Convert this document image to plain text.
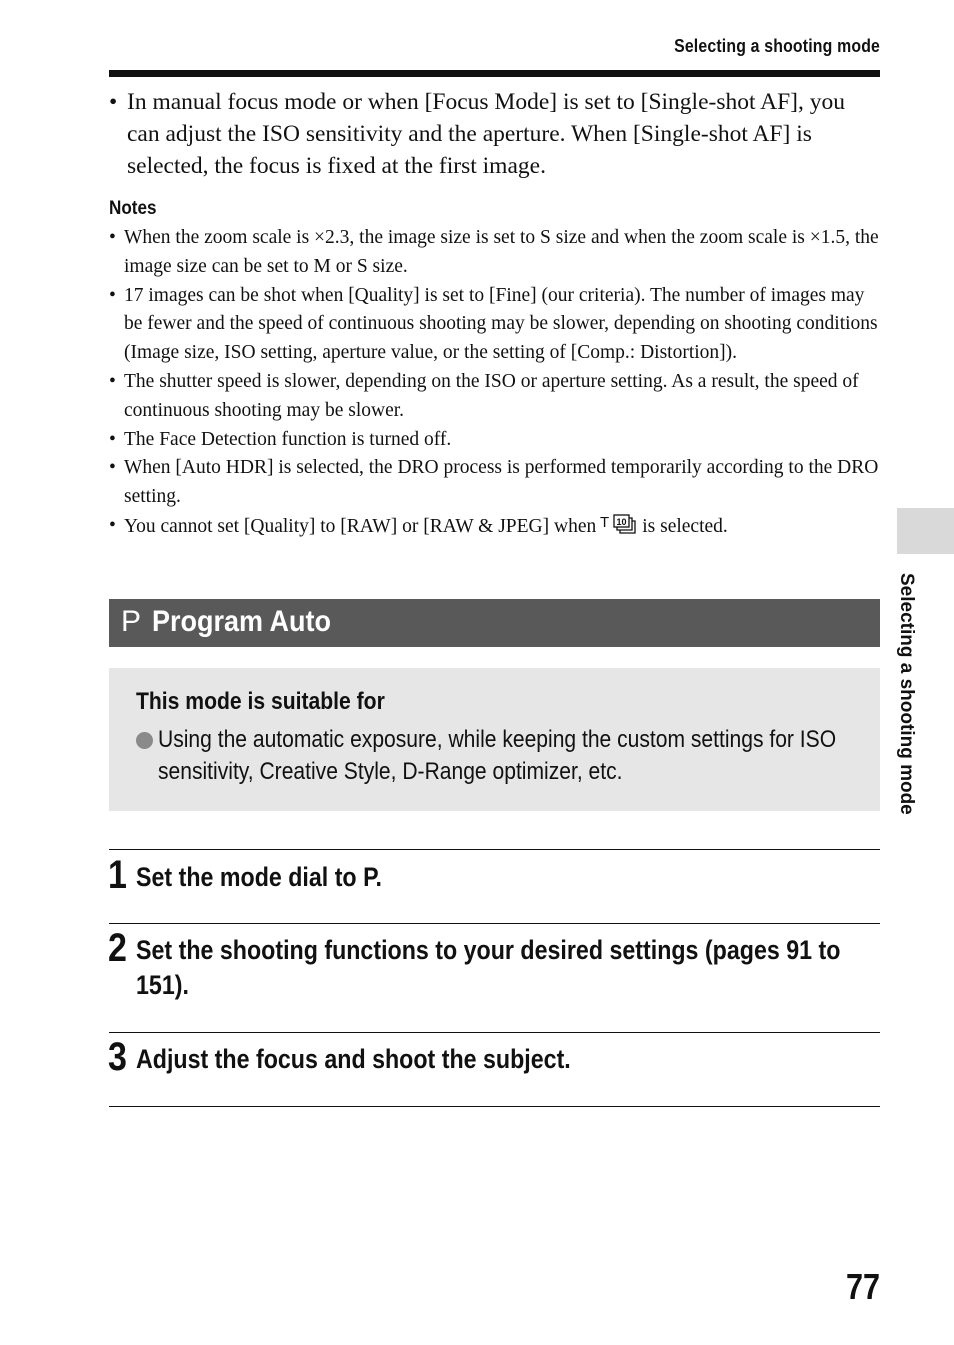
Selecting a shooting mode
• In manual focus mode or when [Focus Mode] is set to [Single-shot AF], you can adjust the ISO sensitivity and the aperture. When [Single-shot AF] is selected, the focus is fixed at the first image.
Notes
• When the zoom scale is ×2.3, the image size is set to S size and when the zoom scale is ×1.5, the image size can be set to M or S size.
• 17 images can be shot when [Quality] is set to [Fine] (our criteria). The number of images may be fewer and the speed of continuous shooting may be slower, depending on shooting conditions (Image size, ISO setting, aperture value, or the setting of [Comp.: Distortion]).
• The shutter speed is slower, depending on the ISO or aperture setting. As a result, the speed of continuous shooting may be slower.
• The Face Detection function is turned off.
• When [Auto HDR] is selected, the DRO process is performed temporarily according to the DRO setting.
• You cannot set [Quality] to [RAW] or [RAW & JPEG] when T 10 is selected.
P Program Auto
This mode is suitable for
Using the automatic exposure, while keeping the custom settings for ISO sensitivity, Creative Style, D-Range optimizer, etc.
1 Set the mode dial to P.
2 Set the shooting functions to your desired settings (pages 91 to 151).
3 Adjust the focus and shoot the subject.
Selecting a shooting mode
77
